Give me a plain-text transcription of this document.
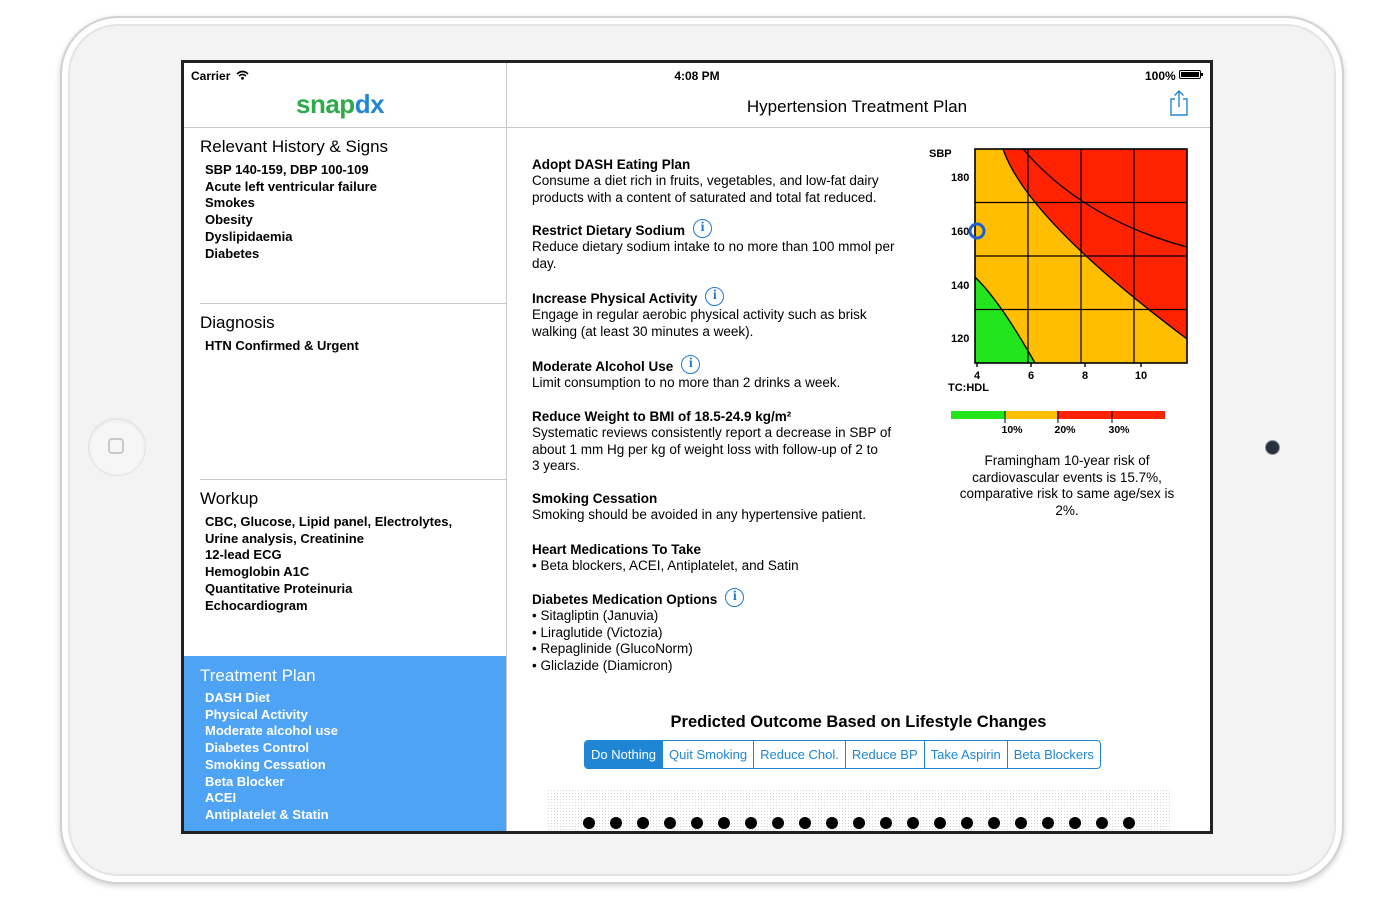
Carrier
snapdx
Relevant History & Signs
SBP 140-159, DBP 100-109
Acute left ventricular failure
Smokes
Obesity
Dyslipidaemia
Diabetes
Diagnosis
HTN Confirmed & Urgent
Workup
CBC, Glucose, Lipid panel, Electrolytes,
Urine analysis, Creatinine
12-lead ECG
Hemoglobin A1C
Quantitative Proteinuria
Echocardiogram
Treatment Plan
DASH Diet
Physical Activity
Moderate alcohol use
Diabetes Control
Smoking Cessation
Beta Blocker
ACEI
Antiplatelet & Statin
4:08 PM	100%
Hypertension Treatment Plan
Adopt DASH Eating Plan
Consume a diet rich in fruits, vegetables, and low-fat dairy
products with a content of saturated and total fat reduced.
Restrict Dietary Sodium	i
Reduce dietary sodium intake to no more than 100 mmol per
day.
Increase Physical Activity	i
Engage in regular aerobic physical activity such as brisk
walking (at least 30 minutes a week).
Moderate Alcohol Use	i
Limit consumption to no more than 2 drinks a week.
Reduce Weight to BMI of 18.5-24.9 kg/m²
Systematic reviews consistently report a decrease in SBP of
about 1 mm Hg per kg of weight loss with follow-up of 2 to
3 years.
Smoking Cessation
Smoking should be avoided in any hypertensive patient.
Heart Medications To Take
• Beta blockers, ACEI, Antiplatelet, and Satin
Diabetes Medication Options	i
• Sitagliptin (Januvia)
• Liraglutide (Victozia)
• Repaglinide (GlucoNorm)
• Gliclazide (Diamicron)
SBP
180
160
140
120
4	6	8	10
TC:HDL
10%	20%	30%
Framingham 10-year risk of
cardiovascular events is 15.7%,
comparative risk to same age/sex is
2%.
Predicted Outcome Based on Lifestyle Changes
Do Nothing	Quit Smoking	Reduce Chol.	Reduce BP	Take Aspirin	Beta Blockers
